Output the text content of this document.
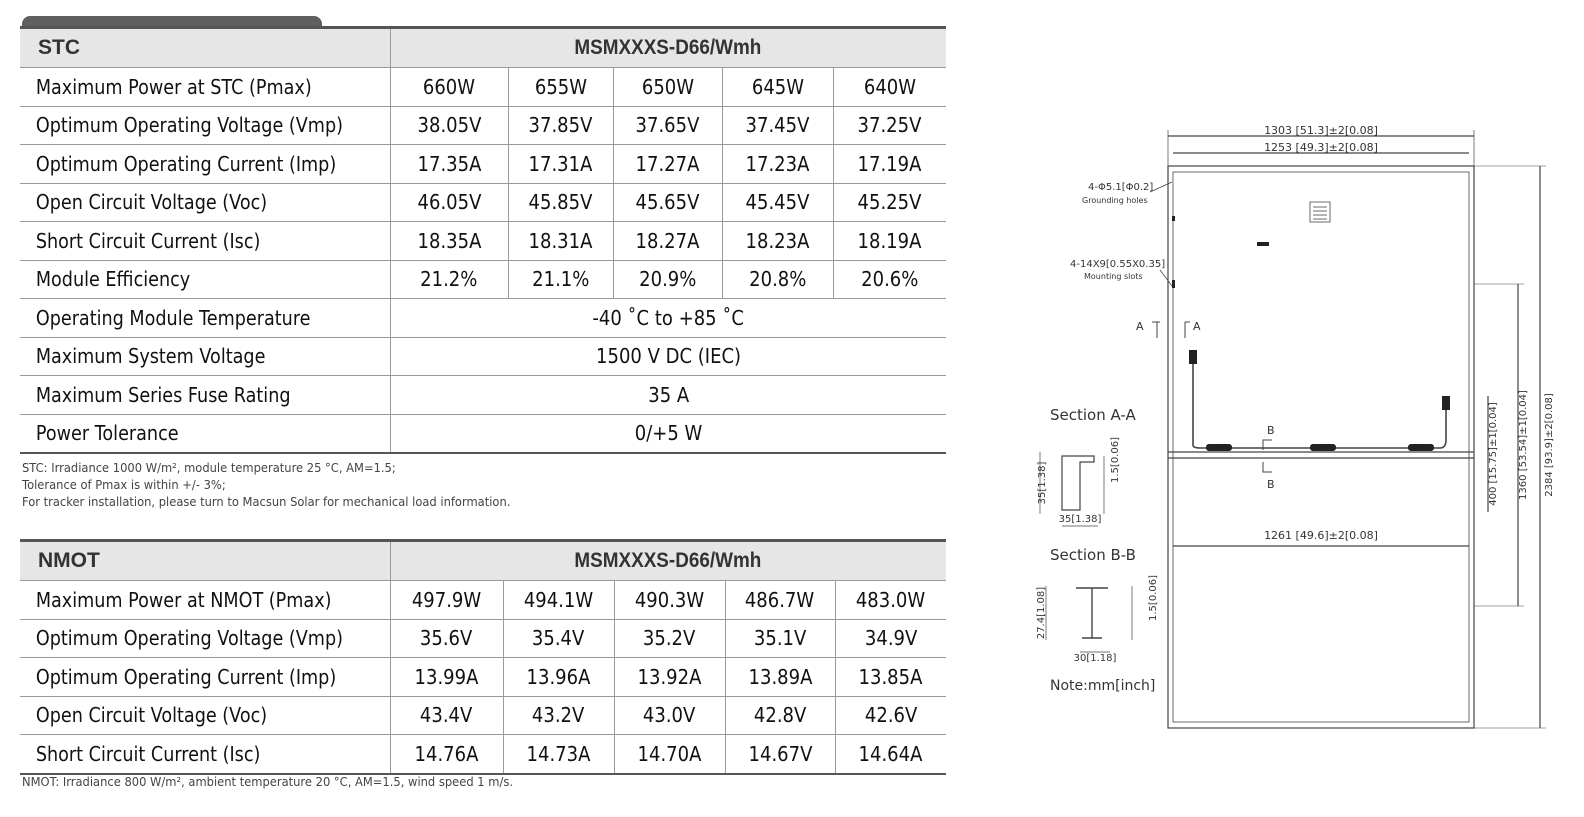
STC	MSMXXXS-D66/Wmh				
Maximum Power at STC (Pmax)	660W	655W	650W	645W	640W
Optimum Operating Voltage (Vmp)	38.05V	37.85V	37.65V	37.45V	37.25V
Optimum Operating Current (Imp)	17.35A	17.31A	17.27A	17.23A	17.19A
Open Circuit Voltage (Voc)	46.05V	45.85V	45.65V	45.45V	45.25V
Short Circuit Current (Isc)	18.35A	18.31A	18.27A	18.23A	18.19A
Module Efficiency	21.2%	21.1%	20.9%	20.8%	20.6%
Operating Module Temperature	-40 ˚C to +85 ˚C				
Maximum System Voltage	1500 V DC (IEC)				
Maximum Series Fuse Rating	35 A				
Power Tolerance	0/+5 W				
STC: Irradiance 1000 W/m², module temperature 25 °C, AM=1.5;
Tolerance of Pmax is within +/- 3%;
For tracker installation, please turn to Macsun Solar for mechanical load information.
NMOT	MSMXXXS-D66/Wmh				
Maximum Power at NMOT (Pmax)	497.9W	494.1W	490.3W	486.7W	483.0W
Optimum Operating Voltage (Vmp)	35.6V	35.4V	35.2V	35.1V	34.9V
Optimum Operating Current (Imp)	13.99A	13.96A	13.92A	13.89A	13.85A
Open Circuit Voltage (Voc)	43.4V	43.2V	43.0V	42.8V	42.6V
Short Circuit Current (Isc)	14.76A	14.73A	14.70A	14.67V	14.64A
NMOT: Irradiance 800 W/m², ambient temperature 20 °C, AM=1.5, wind speed 1 m/s.
1303 [51.3]±2[0.08]
1253 [49.3]±2[0.08]
4-Φ5.1[Φ0.2]
Grounding holes
4-14X9[0.55X0.35]
Mounting slots
A	A
B
B
1261 [49.6]±2[0.08]
Section A-A
Section B-B
35[1.38]
35[1.38]
1.5[0.06]
30[1.18]
27.4[1.08]	1.5[0.06]
Note:mm[inch]
400 [15.75]±1[0.04] 1360 [53.54]±1[0.04] 2384 [93.9]±2[0.08]
